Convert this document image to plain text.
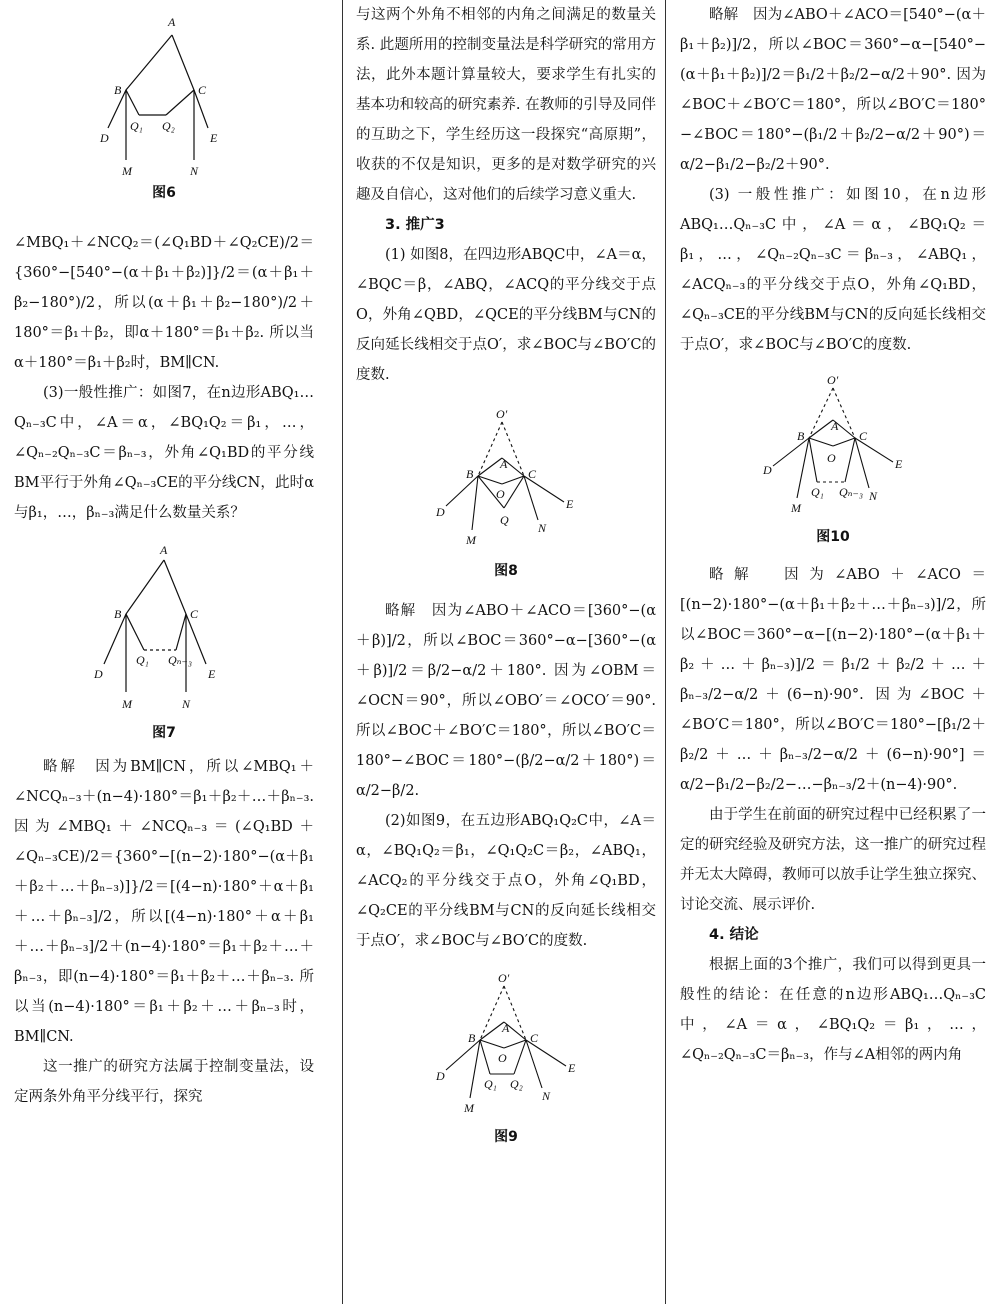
A
B	C
D	E
M	N
Q₁ Q₂
图6

∠MBQ₁＋∠NCQ₂＝(∠Q₁BD＋∠Q₂CE)/2＝{360°−[540°−(α＋β₁＋β₂)]}/2＝(α＋β₁＋β₂−180°)/2，所以(α＋β₁＋β₂−180°)/2＋180°＝β₁＋β₂，即α＋180°＝β₁＋β₂. 所以当α＋180°＝β₁＋β₂时，BM∥CN.

(3)一般性推广：如图7，在n边形ABQ₁…Qₙ₋₃C中，∠A＝α，∠BQ₁Q₂＝β₁，…，∠Qₙ₋₂Qₙ₋₃C＝βₙ₋₃，外角∠Q₁BD的平分线BM平行于外角∠Qₙ₋₃CE的平分线CN，此时α与β₁，…，βₙ₋₃满足什么数量关系？

A
B	C
D	E
M	N
Q₁ Qₙ₋₃
图7

略解　因为BM∥CN，所以∠MBQ₁＋∠NCQₙ₋₃＋(n−4)·180°＝β₁＋β₂＋…＋βₙ₋₃. 因为∠MBQ₁＋∠NCQₙ₋₃＝(∠Q₁BD＋∠Qₙ₋₃CE)/2＝{360°−[(n−2)·180°−(α＋β₁＋β₂＋…＋βₙ₋₃)]}/2＝[(4−n)·180°＋α＋β₁＋…＋βₙ₋₃]/2，所以[(4−n)·180°＋α＋β₁＋…＋βₙ₋₃]/2＋(n−4)·180°＝β₁＋β₂＋…＋βₙ₋₃，即(n−4)·180°＝β₁＋β₂＋…＋βₙ₋₃. 所以当(n−4)·180°＝β₁＋β₂＋…＋βₙ₋₃时，BM∥CN.

这一推广的研究方法属于控制变量法，设定两条外角平分线平行，探究

与这两个外角不相邻的内角之间满足的数量关系. 此题所用的控制变量法是科学研究的常用方法，此外本题计算量较大，要求学生有扎实的基本功和较高的研究素养. 在教师的引导及同伴的互助之下，学生经历这一段探究“高原期”，收获的不仅是知识，更多的是对数学研究的兴趣及自信心，这对他们的后续学习意义重大.

3. 推广3

(1) 如图8，在四边形ABQC中，∠A＝α，∠BQC＝β，∠ABQ，∠ACQ的平分线交于点O，外角∠QBD，∠QCE的平分线BM与CN的反向延长线相交于点O′，求∠BOC与∠BO′C的度数.

O′
A
B	C
O
D
E
M
Q
N
图8

略解　因为∠ABO＋∠ACO＝[360°−(α＋β)]/2，所以∠BOC＝360°−α−[360°−(α＋β)]/2＝β/2−α/2＋180°. 因为∠OBM＝∠OCN＝90°，所以∠OBO′＝∠OCO′＝90°. 所以∠BOC＋∠BO′C＝180°，所以∠BO′C＝180°−∠BOC＝180°−(β/2−α/2＋180°)＝α/2−β/2.

(2)如图9，在五边形ABQ₁Q₂C中，∠A＝α，∠BQ₁Q₂＝β₁，∠Q₁Q₂C＝β₂，∠ABQ₁，∠ACQ₂的平分线交于点O，外角∠Q₁BD，∠Q₂CE的平分线BM与CN的反向延长线相交于点O′，求∠BOC与∠BO′C的度数.

O′
A
B	C
O
D
E
M
Q₁ Q₂
N
图9

略解　因为∠ABO＋∠ACO＝[540°−(α＋β₁＋β₂)]/2，所以∠BOC＝360°−α−[540°−(α＋β₁＋β₂)]/2＝β₁/2＋β₂/2−α/2＋90°. 因为∠BOC＋∠BO′C＝180°，所以∠BO′C＝180°−∠BOC＝180°−(β₁/2＋β₂/2−α/2＋90°)＝α/2−β₁/2−β₂/2＋90°.

(3) 一般性推广：如图10，在n边形ABQ₁…Qₙ₋₃C中，∠A＝α，∠BQ₁Q₂＝β₁，…，∠Qₙ₋₂Qₙ₋₃C＝βₙ₋₃，∠ABQ₁，∠ACQₙ₋₃的平分线交于点O，外角∠Q₁BD，∠Qₙ₋₃CE的平分线BM与CN的反向延长线相交于点O′，求∠BOC与∠BO′C的度数.

O′
A
B	C
O
D	E
M
Q₁ Qₙ₋₃ N
图10

略解　因为∠ABO＋∠ACO＝[(n−2)·180°−(α＋β₁＋β₂＋…＋βₙ₋₃)]/2，所以∠BOC＝360°−α−[(n−2)·180°−(α＋β₁＋β₂＋…＋βₙ₋₃)]/2＝β₁/2＋β₂/2＋…＋βₙ₋₃/2−α/2＋(6−n)·90°. 因为∠BOC＋∠BO′C＝180°，所以∠BO′C＝180°−[β₁/2＋β₂/2＋…＋βₙ₋₃/2−α/2＋(6−n)·90°]＝α/2−β₁/2−β₂/2−…−βₙ₋₃/2＋(n−4)·90°.

由于学生在前面的研究过程中已经积累了一定的研究经验及研究方法，这一推广的研究过程并无太大障碍，教师可以放手让学生独立探究、讨论交流、展示评价.

4. 结论

根据上面的3个推广，我们可以得到更具一般性的结论：在任意的n边形ABQ₁…Qₙ₋₃C中，∠A＝α，∠BQ₁Q₂＝β₁，…，∠Qₙ₋₂Qₙ₋₃C＝βₙ₋₃，作与∠A相邻的两内角
